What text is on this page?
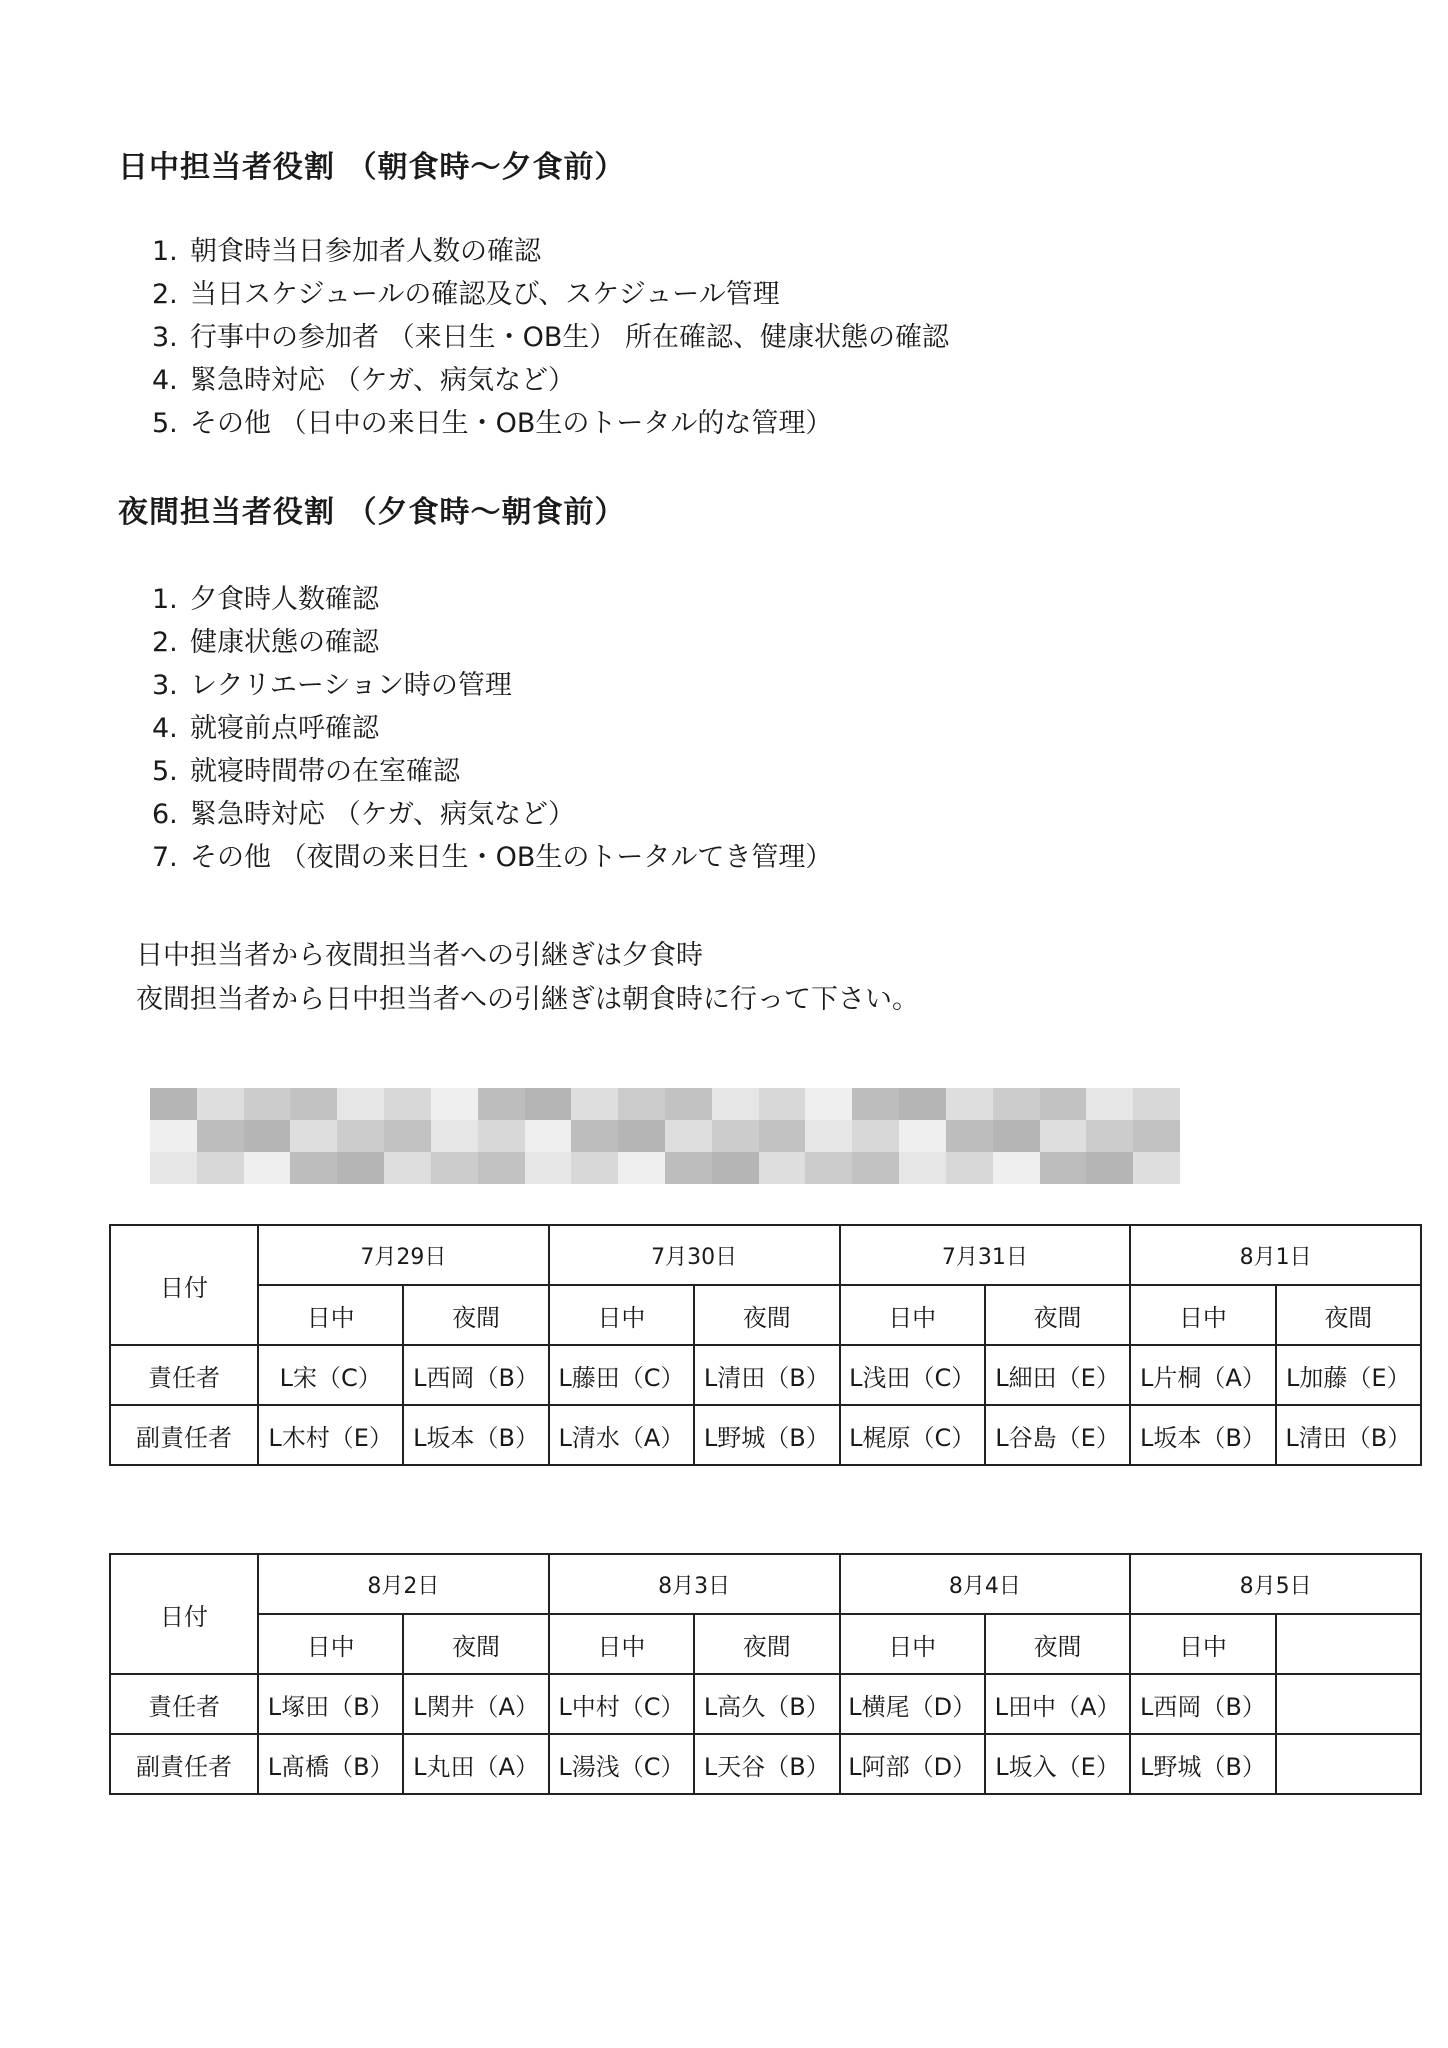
日中担当者役割 （朝食時～夕食前）
1. 朝食時当日参加者人数の確認
2. 当日スケジュールの確認及び、スケジュール管理
3. 行事中の参加者 （来日生・OB生） 所在確認、健康状態の確認
4. 緊急時対応 （ケガ、病気など）
5. その他 （日中の来日生・OB生のトータル的な管理）
夜間担当者役割 （夕食時～朝食前）
1. 夕食時人数確認
2. 健康状態の確認
3. レクリエーション時の管理
4. 就寝前点呼確認
5. 就寝時間帯の在室確認
6. 緊急時対応 （ケガ、病気など）
7. その他 （夜間の来日生・OB生のトータルてき管理）
日中担当者から夜間担当者への引継ぎは夕食時
夜間担当者から日中担当者への引継ぎは朝食時に行って下さい。
日付	7月29日		7月30日		7月31日		8月1日	
	日中	夜間	日中	夜間	日中	夜間	日中	夜間
責任者	L宋（C）	L西岡（B）	L藤田（C）	L清田（B）	L浅田（C）	L細田（E）	L片桐（A）	L加藤（E）
副責任者	L木村（E）	L坂本（B）	L清水（A）	L野城（B）	L梶原（C）	L谷島（E）	L坂本（B）	L清田（B）
日付	8月2日		8月3日		8月4日		8月5日	
	日中	夜間	日中	夜間	日中	夜間	日中	
責任者	L塚田（B）	L関井（A）	L中村（C）	L高久（B）	L横尾（D）	L田中（A）	L西岡（B）	
副責任者	L髙橋（B）	L丸田（A）	L湯浅（C）	L天谷（B）	L阿部（D）	L坂入（E）	L野城（B）	
